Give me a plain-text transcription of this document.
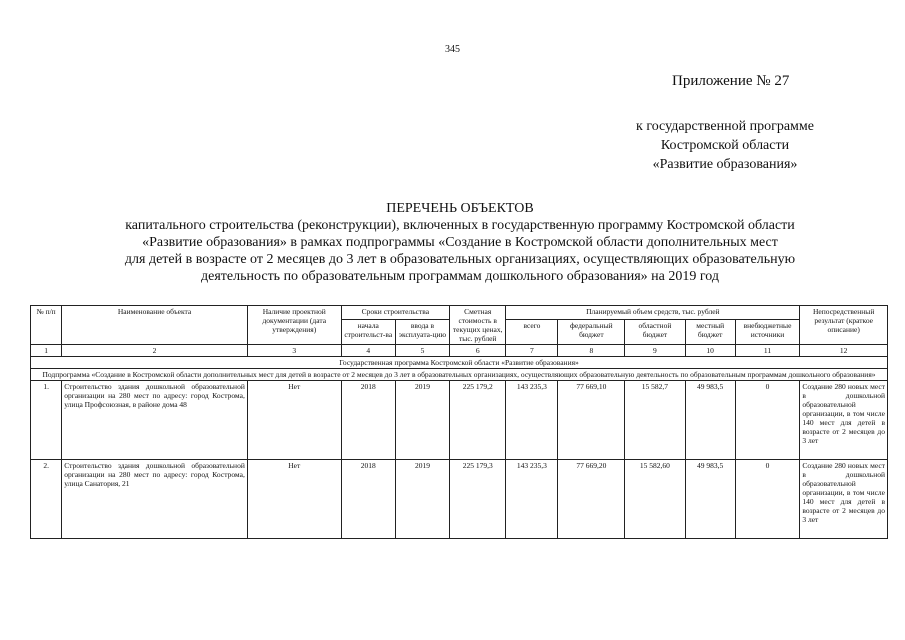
345
Приложение № 27
к государственной программе
Костромской области
«Развитие образования»
ПЕРЕЧЕНЬ ОБЪЕКТОВ
капитального строительства (реконструкции), включенных в государственную программу Костромской области
«Развитие образования» в рамках подпрограммы «Создание в Костромской области дополнительных мест
для детей в возрасте от 2 месяцев до 3 лет в образовательных организациях, осуществляющих образовательную
деятельность по образовательным программам дошкольного образования» на 2019 год
№ п/п	Наименование объекта	Наличие проектной документации (дата утверждения)	Сроки строительства		Сметная стоимость в текущих ценах, тыс. рублей	Планируемый объем средств, тыс. рублей					Непосредственный результат (краткое описание)
			начала строительст-ва	ввода в эксплуата-цию		всего	федеральный бюджет	областной бюджет	местный бюджет	внебюджетные источники	
1	2	3	4	5	6	7	8	9	10	11	12
Государственная программа Костромской области «Развитие образования»											
Подпрограмма «Создание в Костромской области дополнительных мест для детей в возрасте от 2 месяцев до 3 лет в образовательных организациях, осуществляющих образовательную деятельность по образовательным программам дошкольного образования»											
1.	Строительство здания дошкольной образовательной организации на 280 мест по адресу: город Кострома, улица Профсоюзная, в районе дома 48	Нет	2018	2019	225 179,2	143 235,3	77 669,10	15 582,7	49 983,5	0	Создание 280 новых мест в дошкольной образовательной организации, в том числе 140 мест для детей в возрасте от 2 месяцев до 3 лет
2.	Строительство здания дошкольной образовательной организации на 280 мест по адресу: город Кострома, улица Санатория, 21	Нет	2018	2019	225 179,3	143 235,3	77 669,20	15 582,60	49 983,5	0	Создание 280 новых мест в дошкольной образовательной организации, в том числе 140 мест для детей в возрасте от 2 месяцев до 3 лет
